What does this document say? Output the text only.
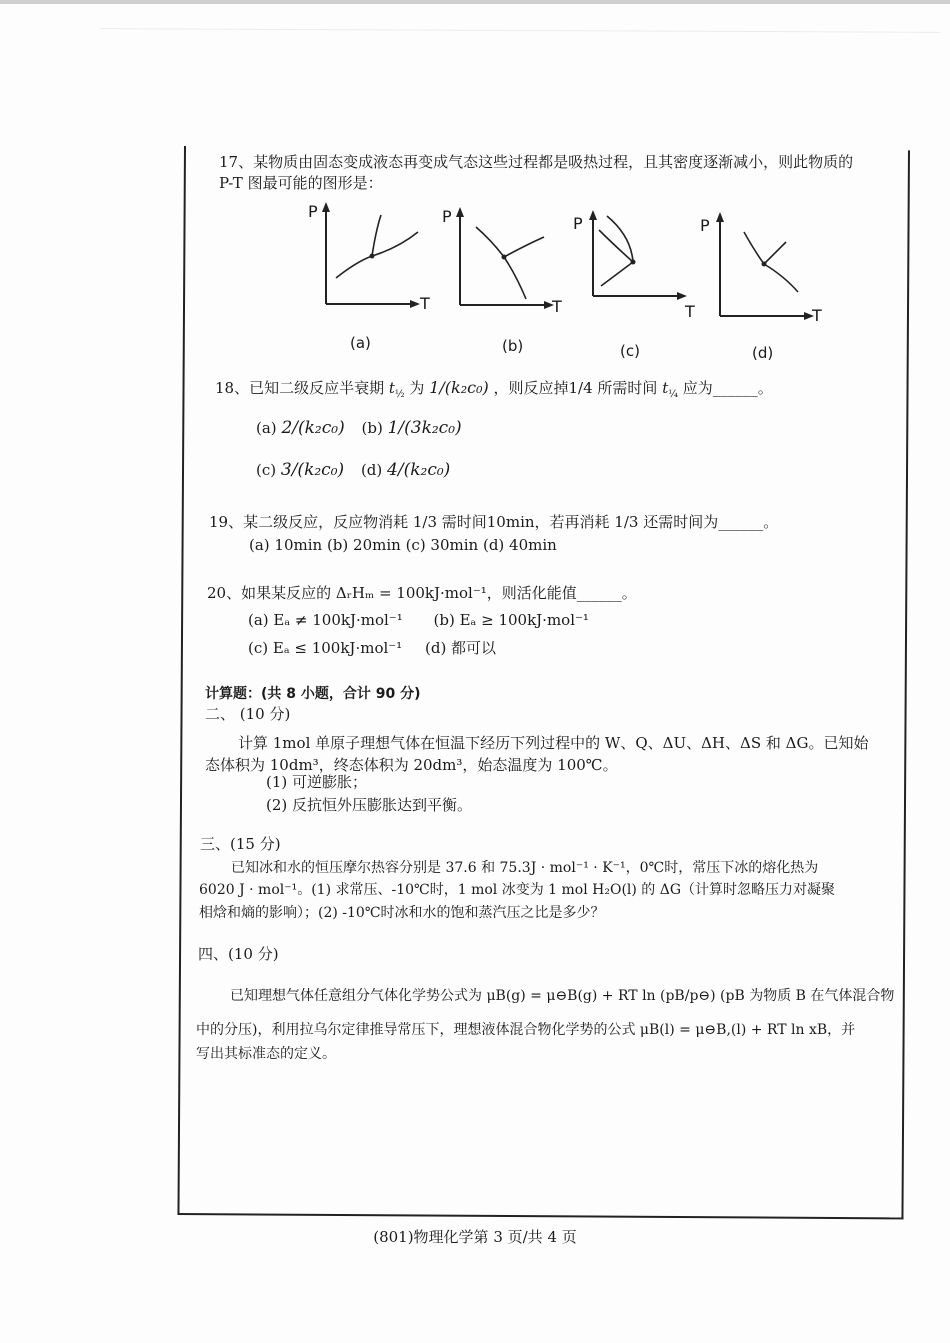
17、某物质由固态变成液态再变成气态这些过程都是吸热过程，且其密度逐渐减小，则此物质的
P-T 图最可能的图形是：
P
T
(a)
P
T
(b)
P
T
(c)
P
T
(d)
18、已知二级反应半衰期 $t_{\frac{1}{2}}$ 为 1/(k₂c₀) ，则反应掉1/4 所需时间 $t_{\frac{1}{4}}$ 应为______。
(a) 2/(k₂c₀) (b) 1/(3k₂c₀)
(c) 3/(k₂c₀) (d) 4/(k₂c₀)
19、某二级反应，反应物消耗 1/3 需时间10min，若再消耗 1/3 还需时间为______。
(a) 10min (b) 20min (c) 30min (d) 40min
20、如果某反应的 ΔᵣHₘ = 100kJ·mol⁻¹，则活化能值______。
(a) Eₐ ≠ 100kJ·mol⁻¹ (b) Eₐ ≥ 100kJ·mol⁻¹
(c) Eₐ ≤ 100kJ·mol⁻¹ (d) 都可以
计算题：(共 8 小题，合计 90 分)
二、 (10 分)
计算 1mol 单原子理想气体在恒温下经历下列过程中的 W、Q、ΔU、ΔH、ΔS 和 ΔG。已知始
态体积为 10dm³，终态体积为 20dm³，始态温度为 100℃。
(1) 可逆膨胀；
(2) 反抗恒外压膨胀达到平衡。
三、(15 分)
已知冰和水的恒压摩尔热容分别是 37.6 和 75.3J · mol⁻¹ · K⁻¹，0℃时，常压下冰的熔化热为
6020 J · mol⁻¹。(1) 求常压、-10℃时，1 mol 冰变为 1 mol H₂O(l) 的 ΔG（计算时忽略压力对凝聚
相焓和熵的影响）；(2) -10℃时冰和水的饱和蒸汽压之比是多少？
四、(10 分)
已知理想气体任意组分气体化学势公式为 μB(g) = μ⊖B(g) + RT ln (pB/p⊖) (pB 为物质 B 在气体混合物
中的分压)，利用拉乌尔定律推导常压下，理想液体混合物化学势的公式 μB(l) = μ⊖B,(l) + RT ln xB，并
写出其标准态的定义。
(801)物理化学第 3 页/共 4 页
